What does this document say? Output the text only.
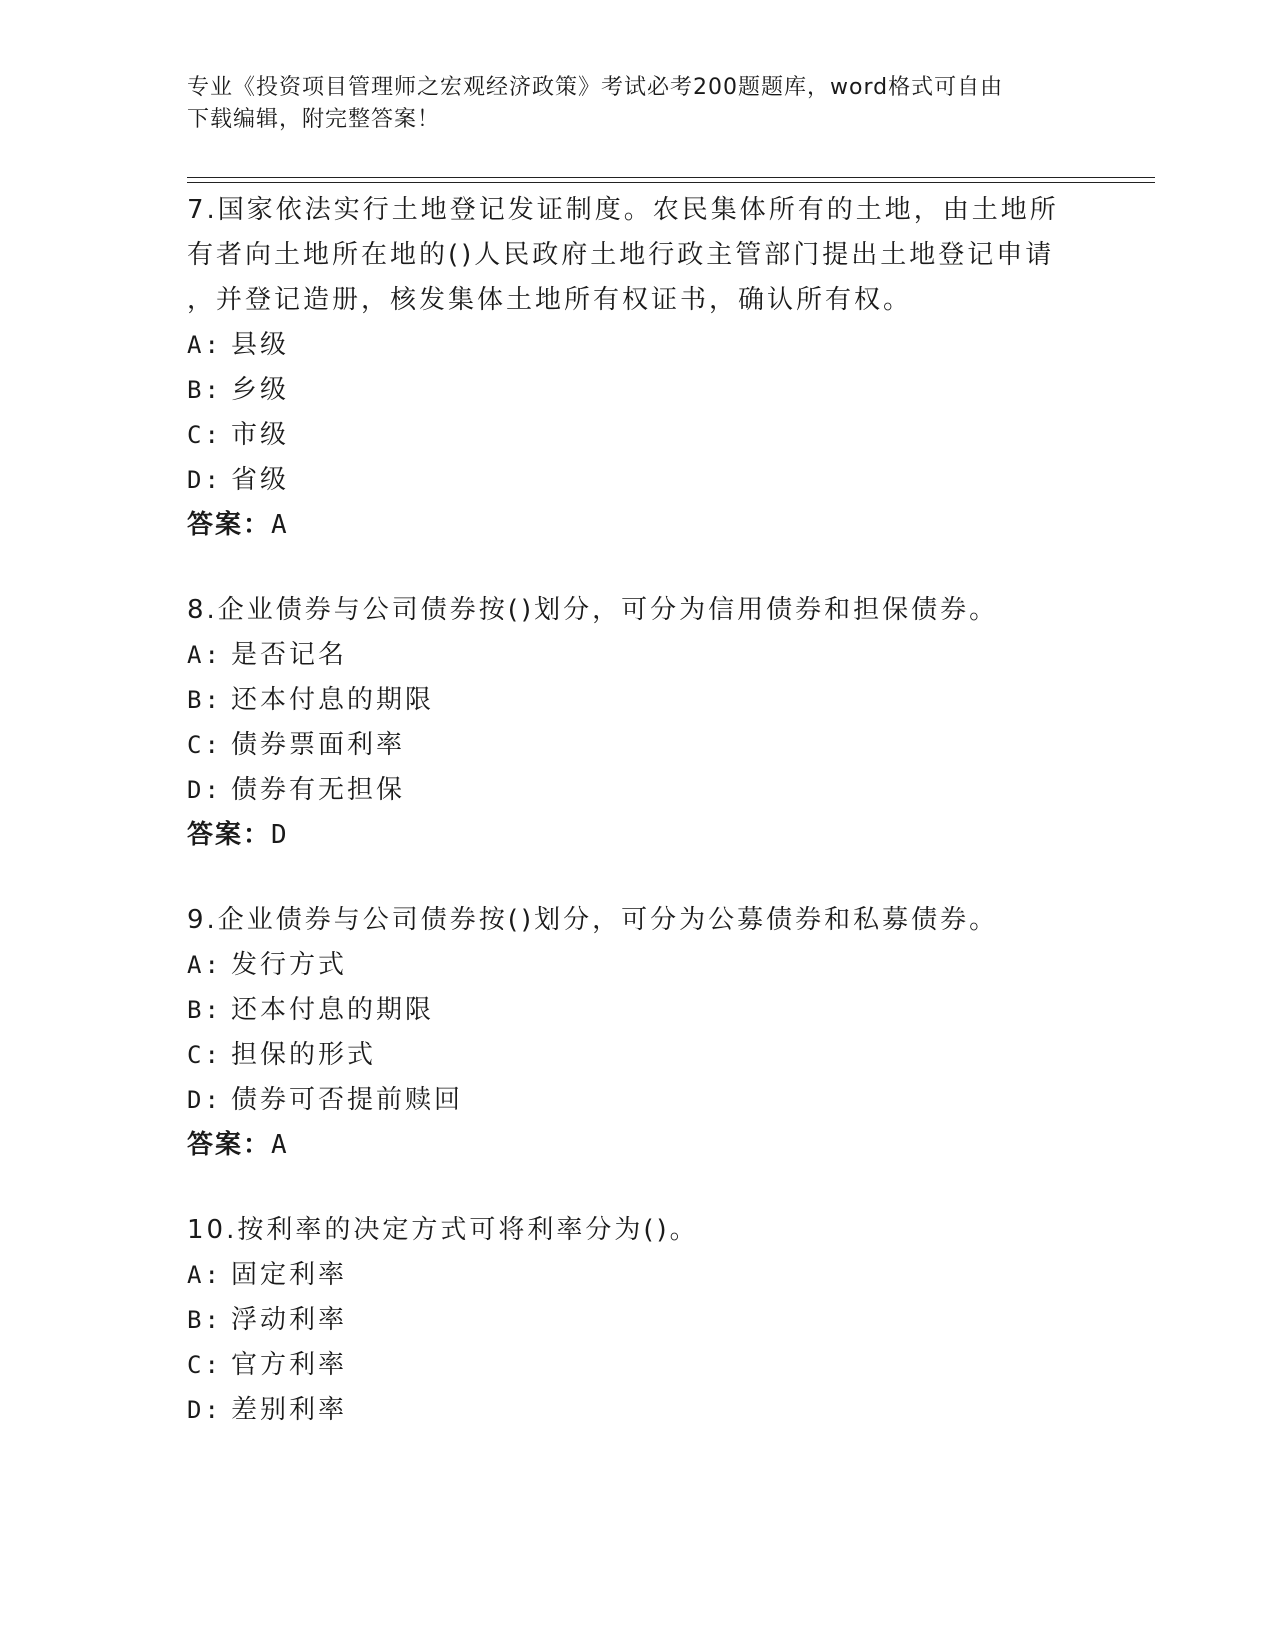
专业《投资项目管理师之宏观经济政策》考试必考200题题库，word格式可自由
下载编辑，附完整答案！
7.国家依法实行土地登记发证制度。农民集体所有的土地，由土地所
有者向土地所在地的()人民政府土地行政主管部门提出土地登记申请
，并登记造册，核发集体土地所有权证书，确认所有权。
A: 县级
B: 乡级
C: 市级
D: 省级
答案：A
8.企业债券与公司债券按()划分，可分为信用债券和担保债券。
A: 是否记名
B: 还本付息的期限
C: 债券票面利率
D: 债券有无担保
答案：D
9.企业债券与公司债券按()划分，可分为公募债券和私募债券。
A: 发行方式
B: 还本付息的期限
C: 担保的形式
D: 债券可否提前赎回
答案：A
10.按利率的决定方式可将利率分为()。
A: 固定利率
B: 浮动利率
C: 官方利率
D: 差别利率
